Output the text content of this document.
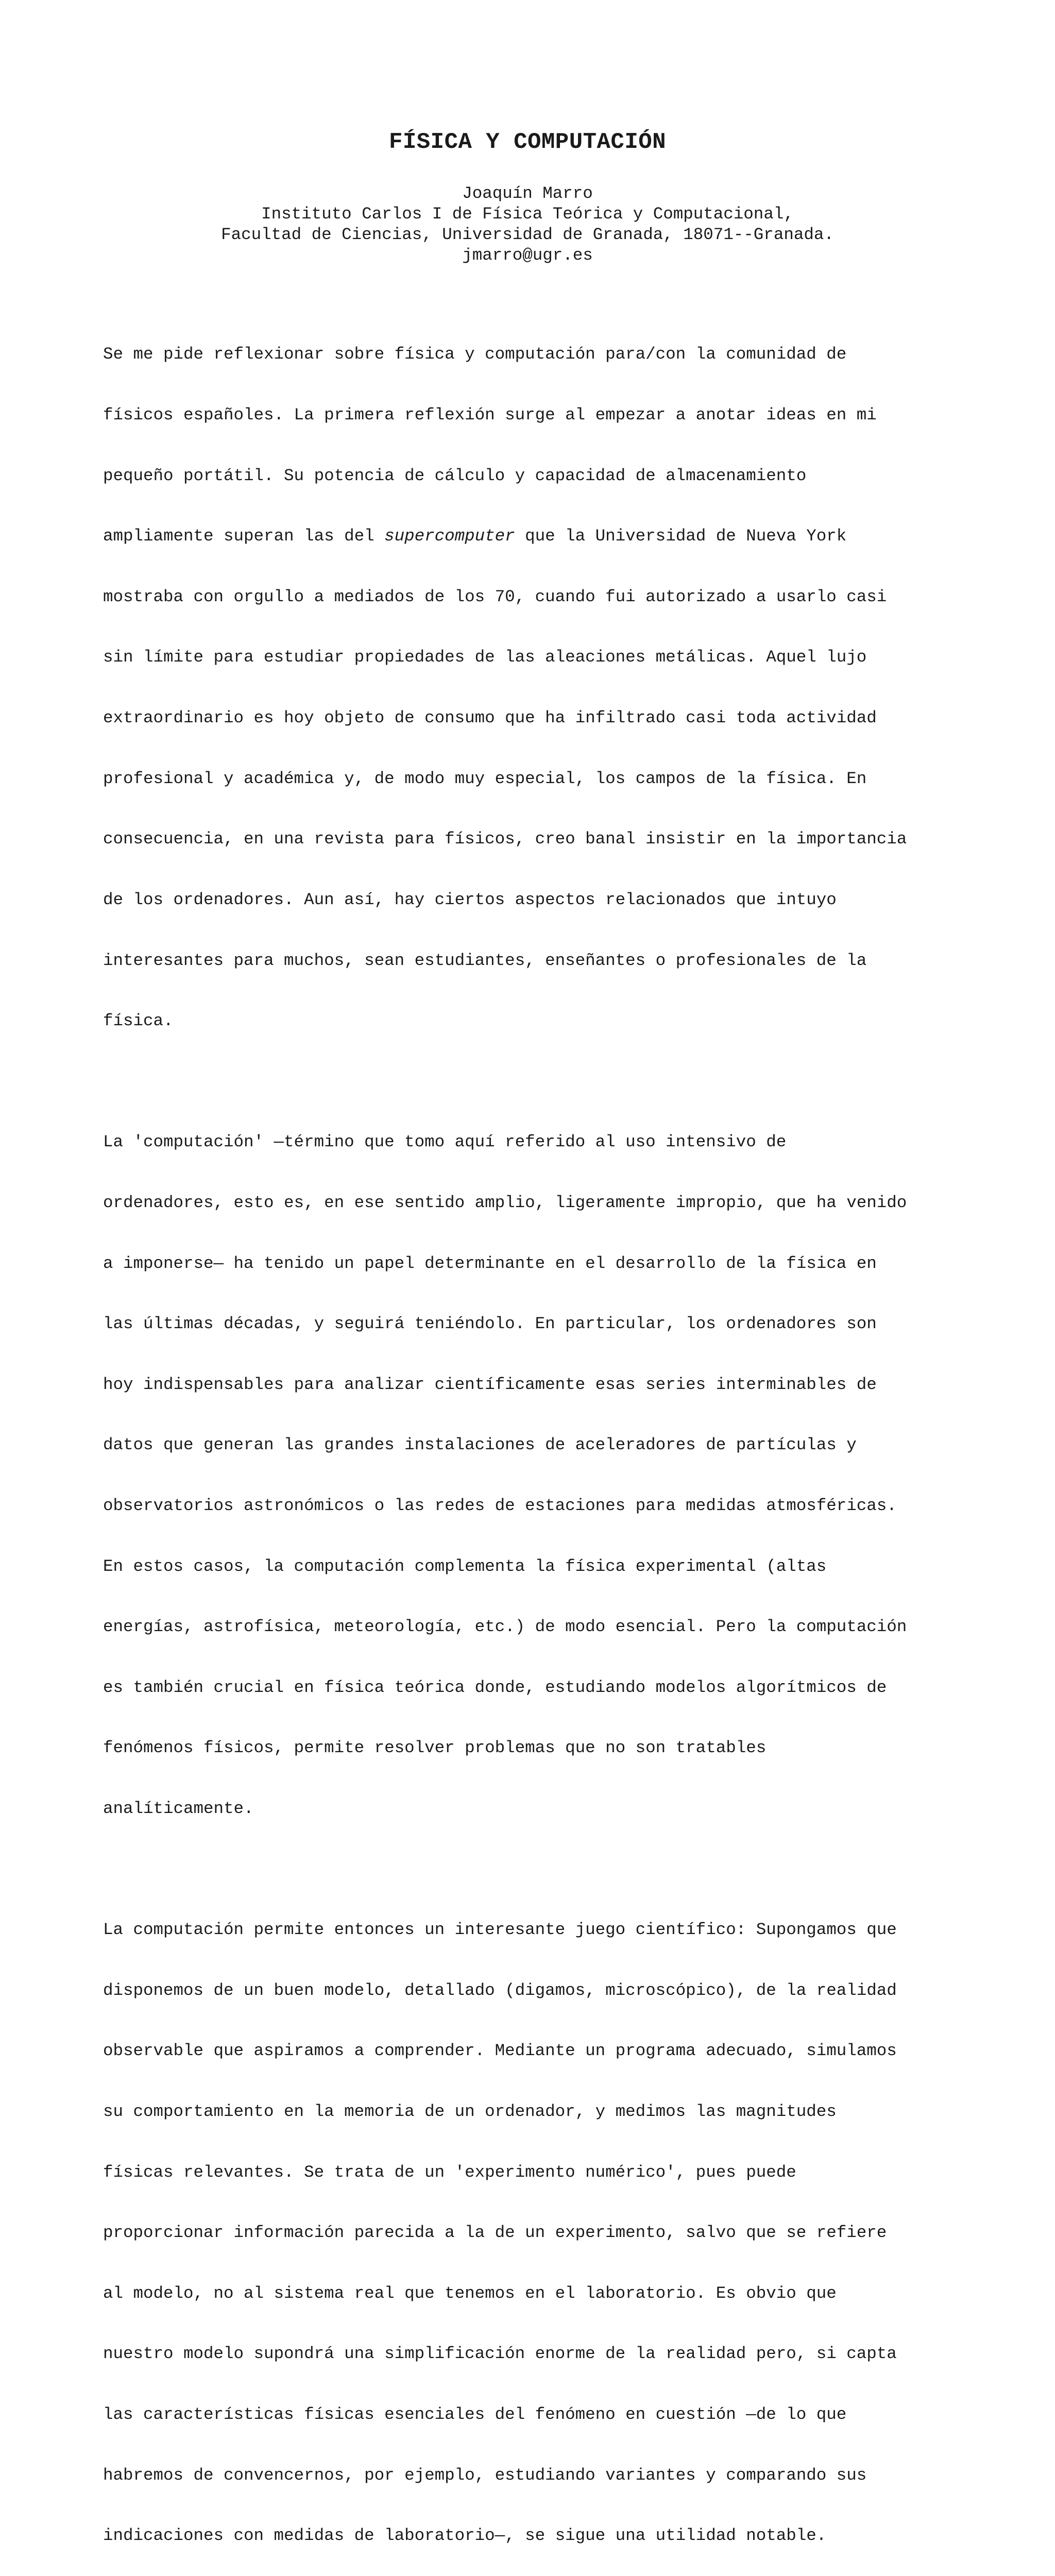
FÍSICA Y COMPUTACIÓN
Joaquín Marro
Instituto Carlos I de Física Teórica y Computacional,
Facultad de Ciencias, Universidad de Granada, 18071--Granada.
jmarro@ugr.es

Se me pide reflexionar sobre física y computación para/con la comunidad de

físicos españoles. La primera reflexión surge al empezar a anotar ideas en mi

pequeño portátil. Su potencia de cálculo y capacidad de almacenamiento

ampliamente superan las del supercomputer que la Universidad de Nueva York

mostraba con orgullo a mediados de los 70, cuando fui autorizado a usarlo casi

sin límite para estudiar propiedades de las aleaciones metálicas. Aquel lujo

extraordinario es hoy objeto de consumo que ha infiltrado casi toda actividad

profesional y académica y, de modo muy especial, los campos de la física. En

consecuencia, en una revista para físicos, creo banal insistir en la importancia

de los ordenadores. Aun así, hay ciertos aspectos relacionados que intuyo

interesantes para muchos, sean estudiantes, enseñantes o profesionales de la

física.

La 'computación' —término que tomo aquí referido al uso intensivo de

ordenadores, esto es, en ese sentido amplio, ligeramente impropio, que ha venido

a imponerse— ha tenido un papel determinante en el desarrollo de la física en

las últimas décadas, y seguirá teniéndolo. En particular, los ordenadores son

hoy indispensables para analizar científicamente esas series interminables de

datos que generan las grandes instalaciones de aceleradores de partículas y

observatorios astronómicos o las redes de estaciones para medidas atmosféricas.

En estos casos, la computación complementa la física experimental (altas

energías, astrofísica, meteorología, etc.) de modo esencial. Pero la computación

es también crucial en física teórica donde, estudiando modelos algorítmicos de

fenómenos físicos, permite resolver problemas que no son tratables

analíticamente.

La computación permite entonces un interesante juego científico: Supongamos que

disponemos de un buen modelo, detallado (digamos, microscópico), de la realidad

observable que aspiramos a comprender. Mediante un programa adecuado, simulamos

su comportamiento en la memoria de un ordenador, y medimos las magnitudes

físicas relevantes. Se trata de un 'experimento numérico', pues puede

proporcionar información parecida a la de un experimento, salvo que se refiere

al modelo, no al sistema real que tenemos en el laboratorio. Es obvio que

nuestro modelo supondrá una simplificación enorme de la realidad pero, si capta

las características físicas esenciales del fenómeno en cuestión —de lo que

habremos de convencernos, por ejemplo, estudiando variantes y comparando sus

indicaciones con medidas de laboratorio—, se sigue una utilidad notable.
